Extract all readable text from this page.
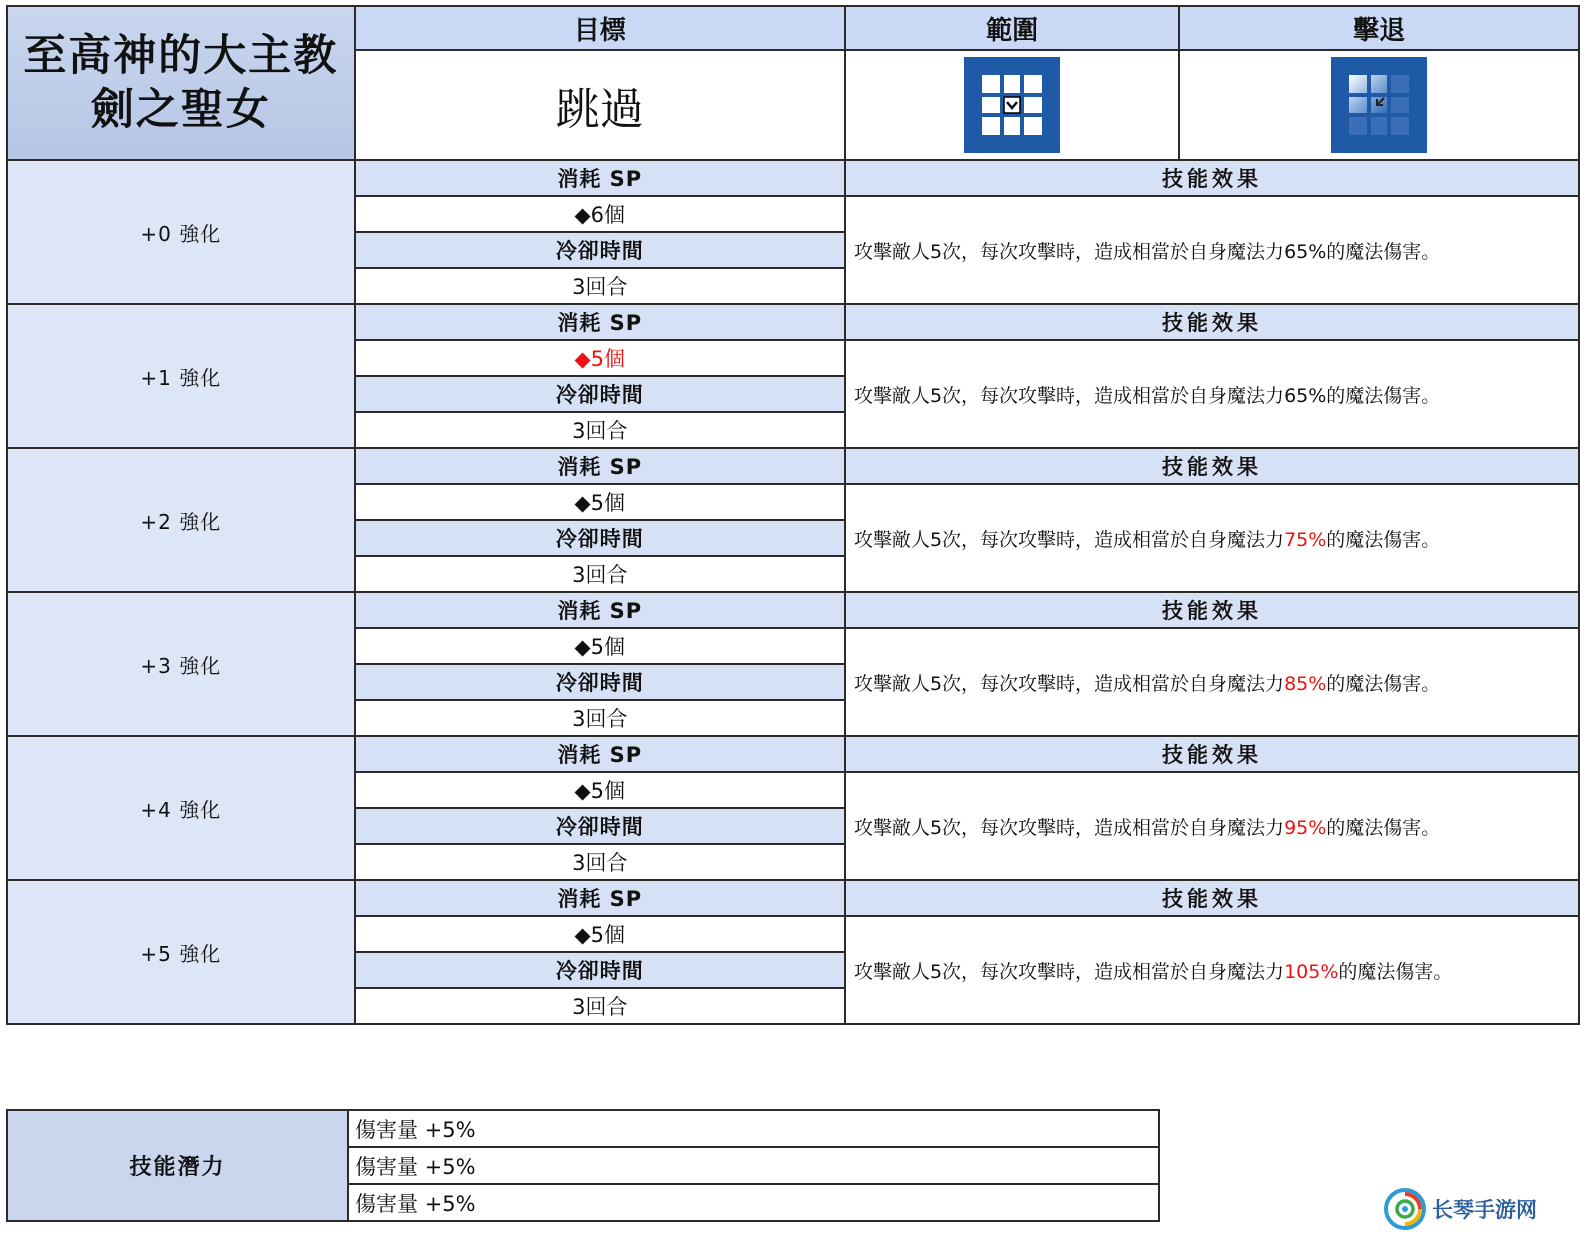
至高神的大主教
劍之聖女	目標	範圍	擊退
	跳過	

+0 強化	消耗 SP	技能效果	
	◆6個	攻擊敵人5次，每次攻擊時，造成相當於自身魔法力65%的魔法傷害。	
	冷卻時間		
	3回合		
+1 強化	消耗 SP	技能效果	
	◆5個	攻擊敵人5次，每次攻擊時，造成相當於自身魔法力65%的魔法傷害。	
	冷卻時間		
	3回合		
+2 強化	消耗 SP	技能效果	
	◆5個	攻擊敵人5次，每次攻擊時，造成相當於自身魔法力75%的魔法傷害。	
	冷卻時間		
	3回合		
+3 強化	消耗 SP	技能效果	
	◆5個	攻擊敵人5次，每次攻擊時，造成相當於自身魔法力85%的魔法傷害。	
	冷卻時間		
	3回合		
+4 強化	消耗 SP	技能效果	
	◆5個	攻擊敵人5次，每次攻擊時，造成相當於自身魔法力95%的魔法傷害。	
	冷卻時間		
	3回合		
+5 強化	消耗 SP	技能效果	
	◆5個	攻擊敵人5次，每次攻擊時，造成相當於自身魔法力105%的魔法傷害。	
	冷卻時間		
	3回合		
技能潛力	傷害量 +5%
傷害量 +5%
傷害量 +5%	长琴手游网
